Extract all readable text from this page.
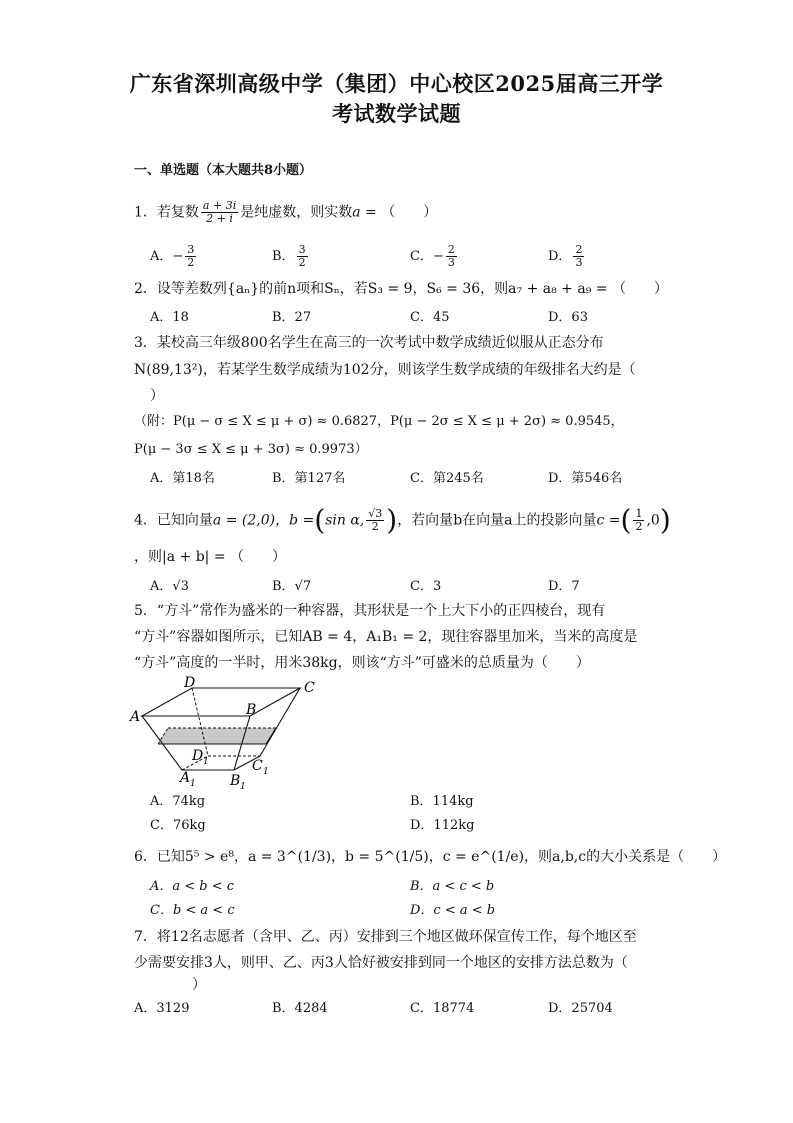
广东省深圳高级中学（集团）中心校区2025届高三开学
考试数学试题
一、单选题（本大题共8小题）
1．若复数 $\frac{a + 3i}{2 + i}$ 是纯虚数，则实数a = （　　）
A．− $\frac{3}{2}$	B． $\frac{3}{2}$	C．− $\frac{2}{3}$	D． $\frac{2}{3}$
2．设等差数列{aₙ}的前n项和Sₙ，若S₃ = 9，S₆ = 36，则a₇ + a₈ + a₉ = （　　）
A．18	B．27	C．45	D．63
3．某校高三年级800名学生在高三的一次考试中数学成绩近似服从正态分布
N(89,13²)，若某学生数学成绩为102分，则该学生数学成绩的年级排名大约是（
）
（附：P(μ − σ ≤ X ≤ μ + σ) ≈ 0.6827，P(μ − 2σ ≤ X ≤ μ + 2σ) ≈ 0.9545，
P(μ − 3σ ≤ X ≤ μ + 3σ) ≈ 0.9973）
A．第18名	B．第127名	C．第245名	D．第546名
4．已知向量a = (2,0)，b =(sin α, $\frac{√3}{2}$ )，若向量b在向量a上的投影向量c =( $\frac{1}{2} ,0$)
，则|a + b| = （　　）
A．√3	B．√7	C．3	D．7
5．“方斗”常作为盛米的一种容器，其形状是一个上大下小的正四棱台，现有
“方斗”容器如图所示，已知AB = 4，A₁B₁ = 2，现往容器里加米，当米的高度是
“方斗”高度的一半时，用米38kg，则该“方斗”可盛米的总质量为（　　）
A
D	C
B
D 1
A 1 B 1
C 1
A．74kg	B．114kg
C．76kg	D．112kg
6．已知5⁵ > e⁸，a = 3^(1/3)，b = 5^(1/5)，c = e^(1/e)，则a,b,c的大小关系是（　　）
A．a < b < c	B．a < c < b
C．b < a < c	D．c < a < b
7．将12名志愿者（含甲、乙、丙）安排到三个地区做环保宣传工作，每个地区至
少需要安排3人，则甲、乙、丙3人恰好被安排到同一个地区的安排方法总数为（
）
A．3129	B．4284	C．18774	D．25704
